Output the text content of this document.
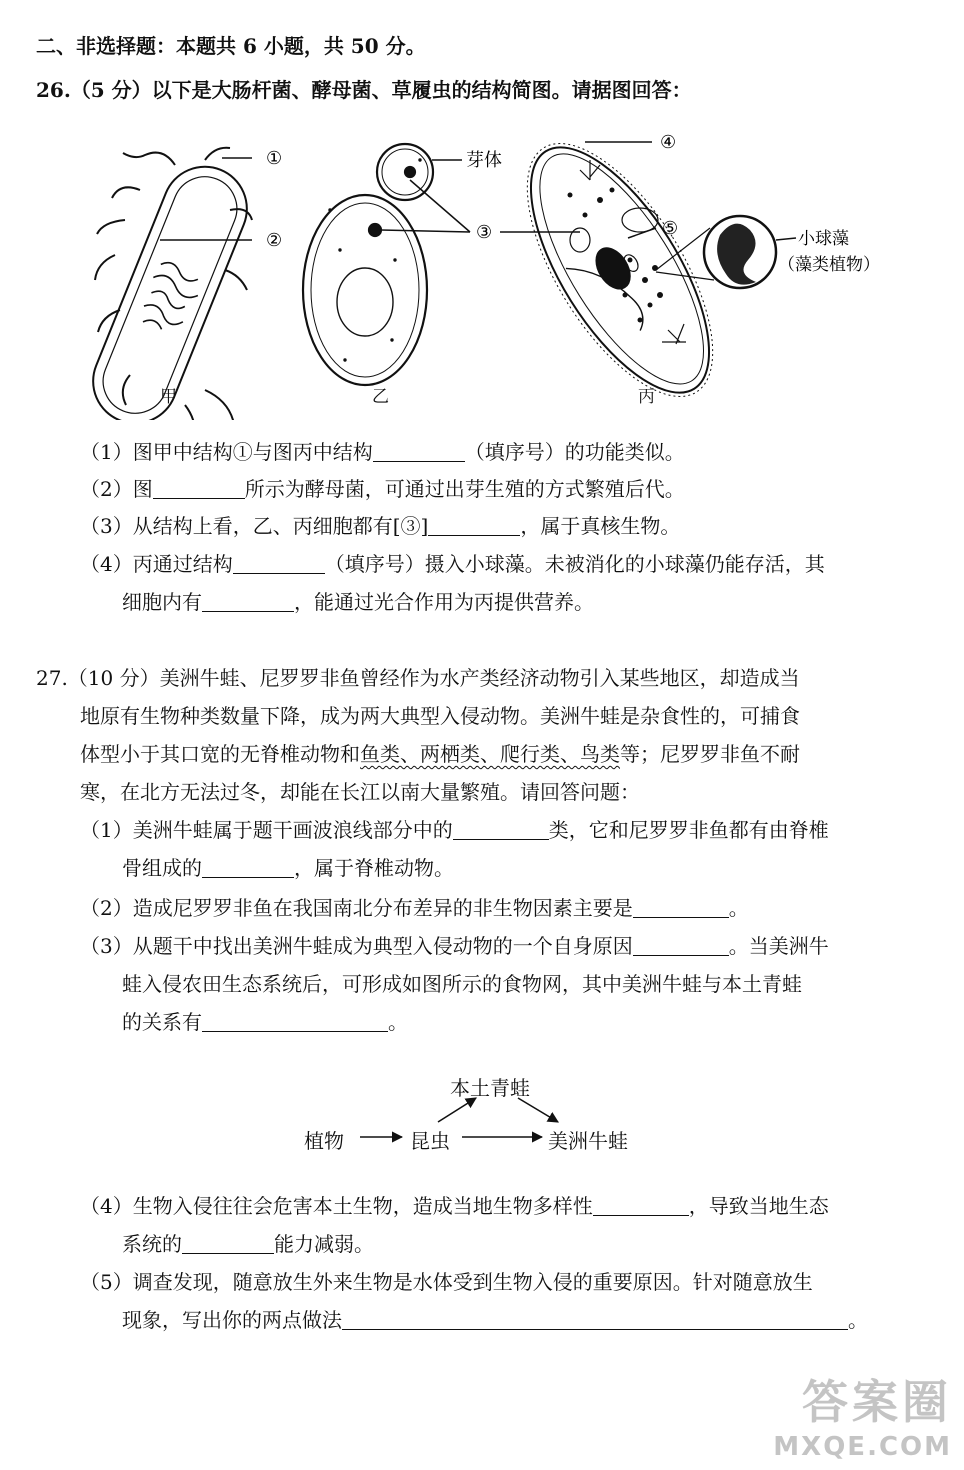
二、非选择题：本题共 6 小题，共 50 分。
26.（5 分）以下是大肠杆菌、酵母菌、草履虫的结构简图。请据图回答：
①
②
芽体
③
④
⑤	小球藻
（藻类植物）
甲	乙	丙
（1）图甲中结构①与图丙中结构	（填序号）的功能类似。
（2）图	所示为酵母菌，可通过出芽生殖的方式繁殖后代。
（3）从结构上看，乙、丙细胞都有[③]	，属于真核生物。
（4）丙通过结构	（填序号）摄入小球藻。未被消化的小球藻仍能存活，其
细胞内有	，能通过光合作用为丙提供营养。
27.（10 分）美洲牛蛙、尼罗罗非鱼曾经作为水产类经济动物引入某些地区，却造成当
地原有生物种类数量下降，成为两大典型入侵动物。美洲牛蛙是杂食性的，可捕食
体型小于其口宽的无脊椎动物和鱼类、两栖类、爬行类、鸟类等；尼罗罗非鱼不耐
寒，在北方无法过冬，却能在长江以南大量繁殖。请回答问题：
（1）美洲牛蛙属于题干画波浪线部分中的	类，它和尼罗罗非鱼都有由脊椎
骨组成的	，属于脊椎动物。
（2）造成尼罗罗非鱼在我国南北分布差异的非生物因素主要是	。
（3）从题干中找出美洲牛蛙成为典型入侵动物的一个自身原因	。当美洲牛
蛙入侵农田生态系统后，可形成如图所示的食物网，其中美洲牛蛙与本土青蛙
的关系有	。
本土青蛙
植物	昆虫	美洲牛蛙
（4）生物入侵往往会危害本土生物，造成当地生物多样性	，导致当地生态
系统的	能力减弱。
（5）调查发现，随意放生外来生物是水体受到生物入侵的重要原因。针对随意放生
现象，写出你的两点做法	。
答案圈
MXQE.COM
